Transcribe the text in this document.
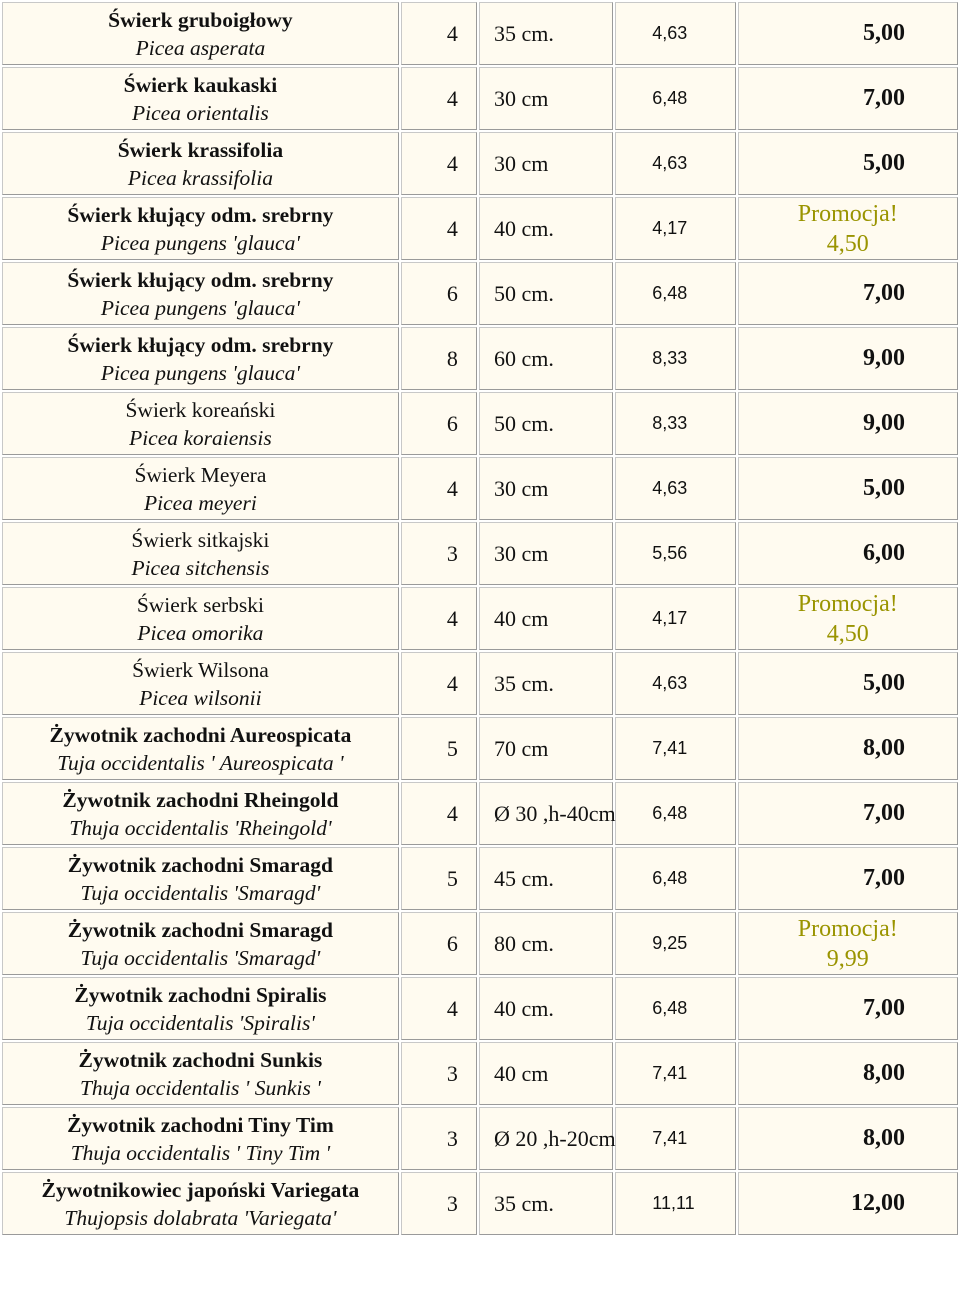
Świerk gruboigłowy
Picea asperata	4	35 cm.	4,63	5,00

Świerk kaukaski
Picea orientalis	4	30 cm	6,48	7,00

Świerk krassifolia
Picea krassifolia	4	30 cm	4,63	5,00

Świerk kłujący odm. srebrny
Picea pungens 'glauca'	4	40 cm.	4,17	Promocja!
4,50

Świerk kłujący odm. srebrny
Picea pungens 'glauca'	6	50 cm.	6,48	7,00

Świerk kłujący odm. srebrny
Picea pungens 'glauca'	8	60 cm.	8,33	9,00

Świerk koreański
Picea koraiensis	6	50 cm.	8,33	9,00

Świerk Meyera
Picea meyeri	4	30 cm	4,63	5,00

Świerk sitkajski
Picea sitchensis	3	30 cm	5,56	6,00

Świerk serbski
Picea omorika	4	40 cm	4,17	Promocja!
4,50

Świerk Wilsona
Picea wilsonii	4	35 cm.	4,63	5,00

Żywotnik zachodni Aureospicata
Tuja occidentalis ' Aureospicata '	5	70 cm	7,41	8,00

Żywotnik zachodni Rheingold
Thuja occidentalis 'Rheingold'	4	Ø 30 ,h-40cm	6,48	7,00

Żywotnik zachodni Smaragd
Tuja occidentalis 'Smaragd'	5	45 cm.	6,48	7,00

Żywotnik zachodni Smaragd
Tuja occidentalis 'Smaragd'	6	80 cm.	9,25	Promocja!
9,99

Żywotnik zachodni Spiralis
Tuja occidentalis 'Spiralis'	4	40 cm.	6,48	7,00

Żywotnik zachodni Sunkis
Thuja occidentalis ' Sunkis '	3	40 cm	7,41	8,00

Żywotnik zachodni Tiny Tim
Thuja occidentalis ' Tiny Tim '	3	Ø 20 ,h-20cm	7,41	8,00

Żywotnikowiec japoński Variegata
Thujopsis dolabrata 'Variegata'	3	35 cm.	11,11	12,00
